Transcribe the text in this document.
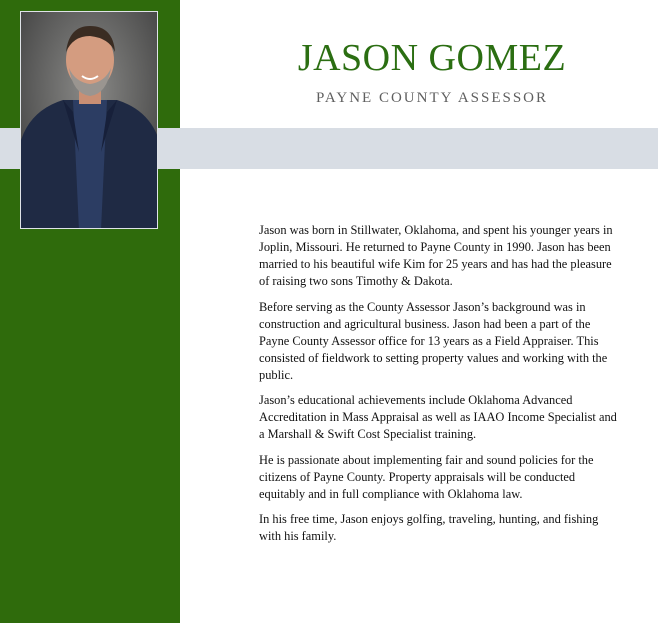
JASON GOMEZ
PAYNE COUNTY ASSESSOR

Jason was born in Stillwater, Oklahoma, and spent his younger years in Joplin, Missouri. He returned to Payne County in 1990. Jason has been married to his beautiful wife Kim for 25 years and has had the pleasure of raising two sons Timothy & Dakota.

Before serving as the County Assessor Jason’s background was in construction and agricultural business. Jason had been a part of the Payne County Assessor office for 13 years as a Field Appraiser. This consisted of fieldwork to setting property values and working with the public.

Jason’s educational achievements include Oklahoma Advanced Accreditation in Mass Appraisal as well as IAAO Income Specialist and a Marshall & Swift Cost Specialist training.

He is passionate about implementing fair and sound policies for the citizens of Payne County. Property appraisals will be conducted equitably and in full compliance with Oklahoma law.

In his free time, Jason enjoys golfing, traveling, hunting, and fishing with his family.
